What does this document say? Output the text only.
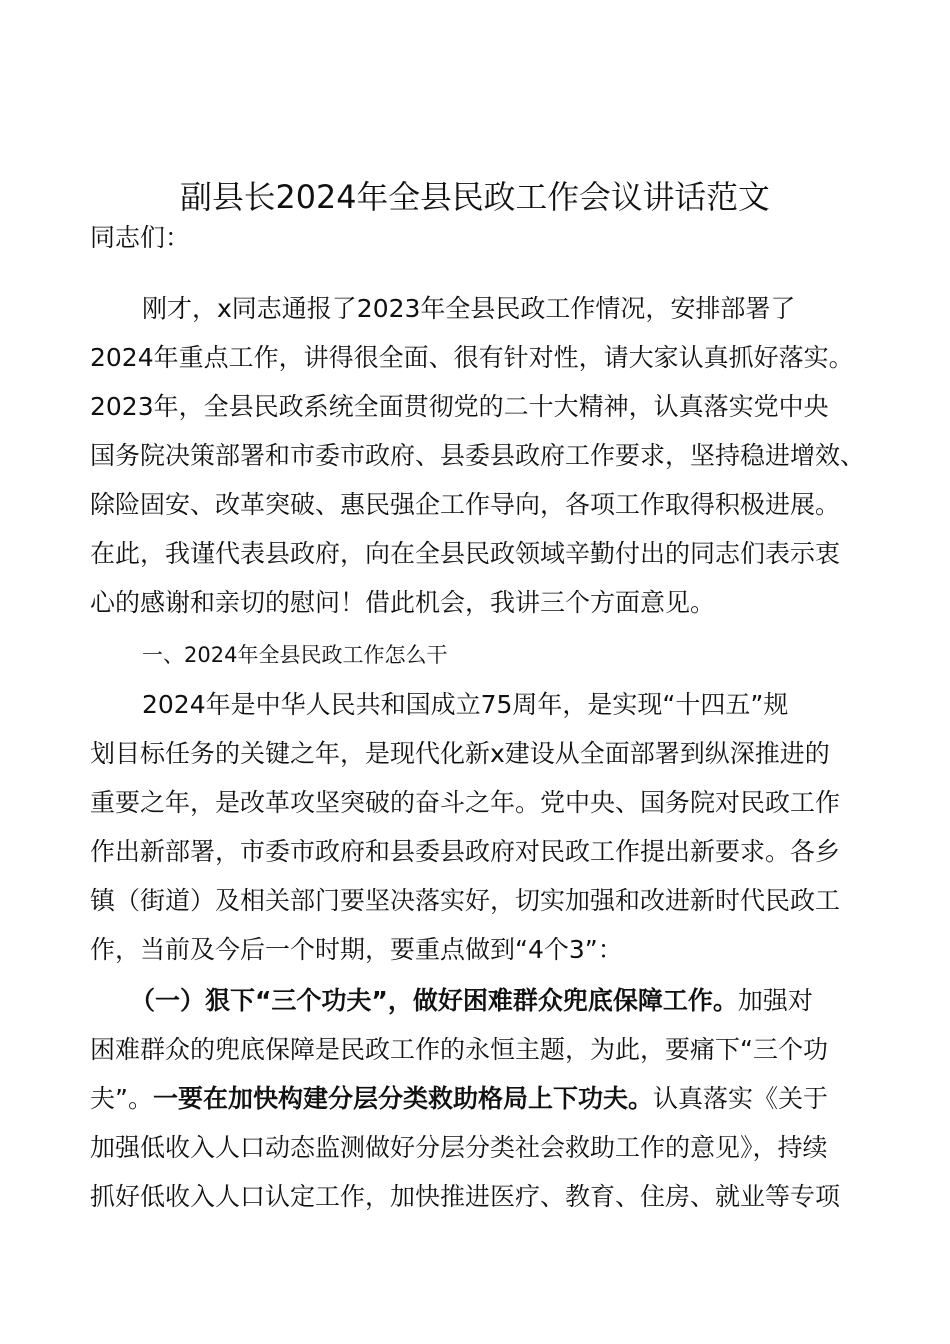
副县长2024年全县民政工作会议讲话范文
同志们：
刚才，x同志通报了2023年全县民政工作情况，安排部署了
2024年重点工作，讲得很全面、很有针对性，请大家认真抓好落实。
2023年，全县民政系统全面贯彻党的二十大精神，认真落实党中央
国务院决策部署和市委市政府、县委县政府工作要求，坚持稳进增效、
除险固安、改革突破、惠民强企工作导向，各项工作取得积极进展。
在此，我谨代表县政府，向在全县民政领域辛勤付出的同志们表示衷
心的感谢和亲切的慰问！借此机会，我讲三个方面意见。
一、2024年全县民政工作怎么干
2024年是中华人民共和国成立75周年，是实现“十四五”规
划目标任务的关键之年，是现代化新x建设从全面部署到纵深推进的
重要之年，是改革攻坚突破的奋斗之年。党中央、国务院对民政工作
作出新部署，市委市政府和县委县政府对民政工作提出新要求。各乡
镇（街道）及相关部门要坚决落实好，切实加强和改进新时代民政工
作，当前及今后一个时期，要重点做到“4个3”：
（一）狠下“三个功夫”，做好困难群众兜底保障工作。加强对
困难群众的兜底保障是民政工作的永恒主题，为此，要痛下“三个功
夫”。一要在加快构建分层分类救助格局上下功夫。认真落实《关于
加强低收入人口动态监测做好分层分类社会救助工作的意见》，持续
抓好低收入人口认定工作，加快推进医疗、教育、住房、就业等专项
